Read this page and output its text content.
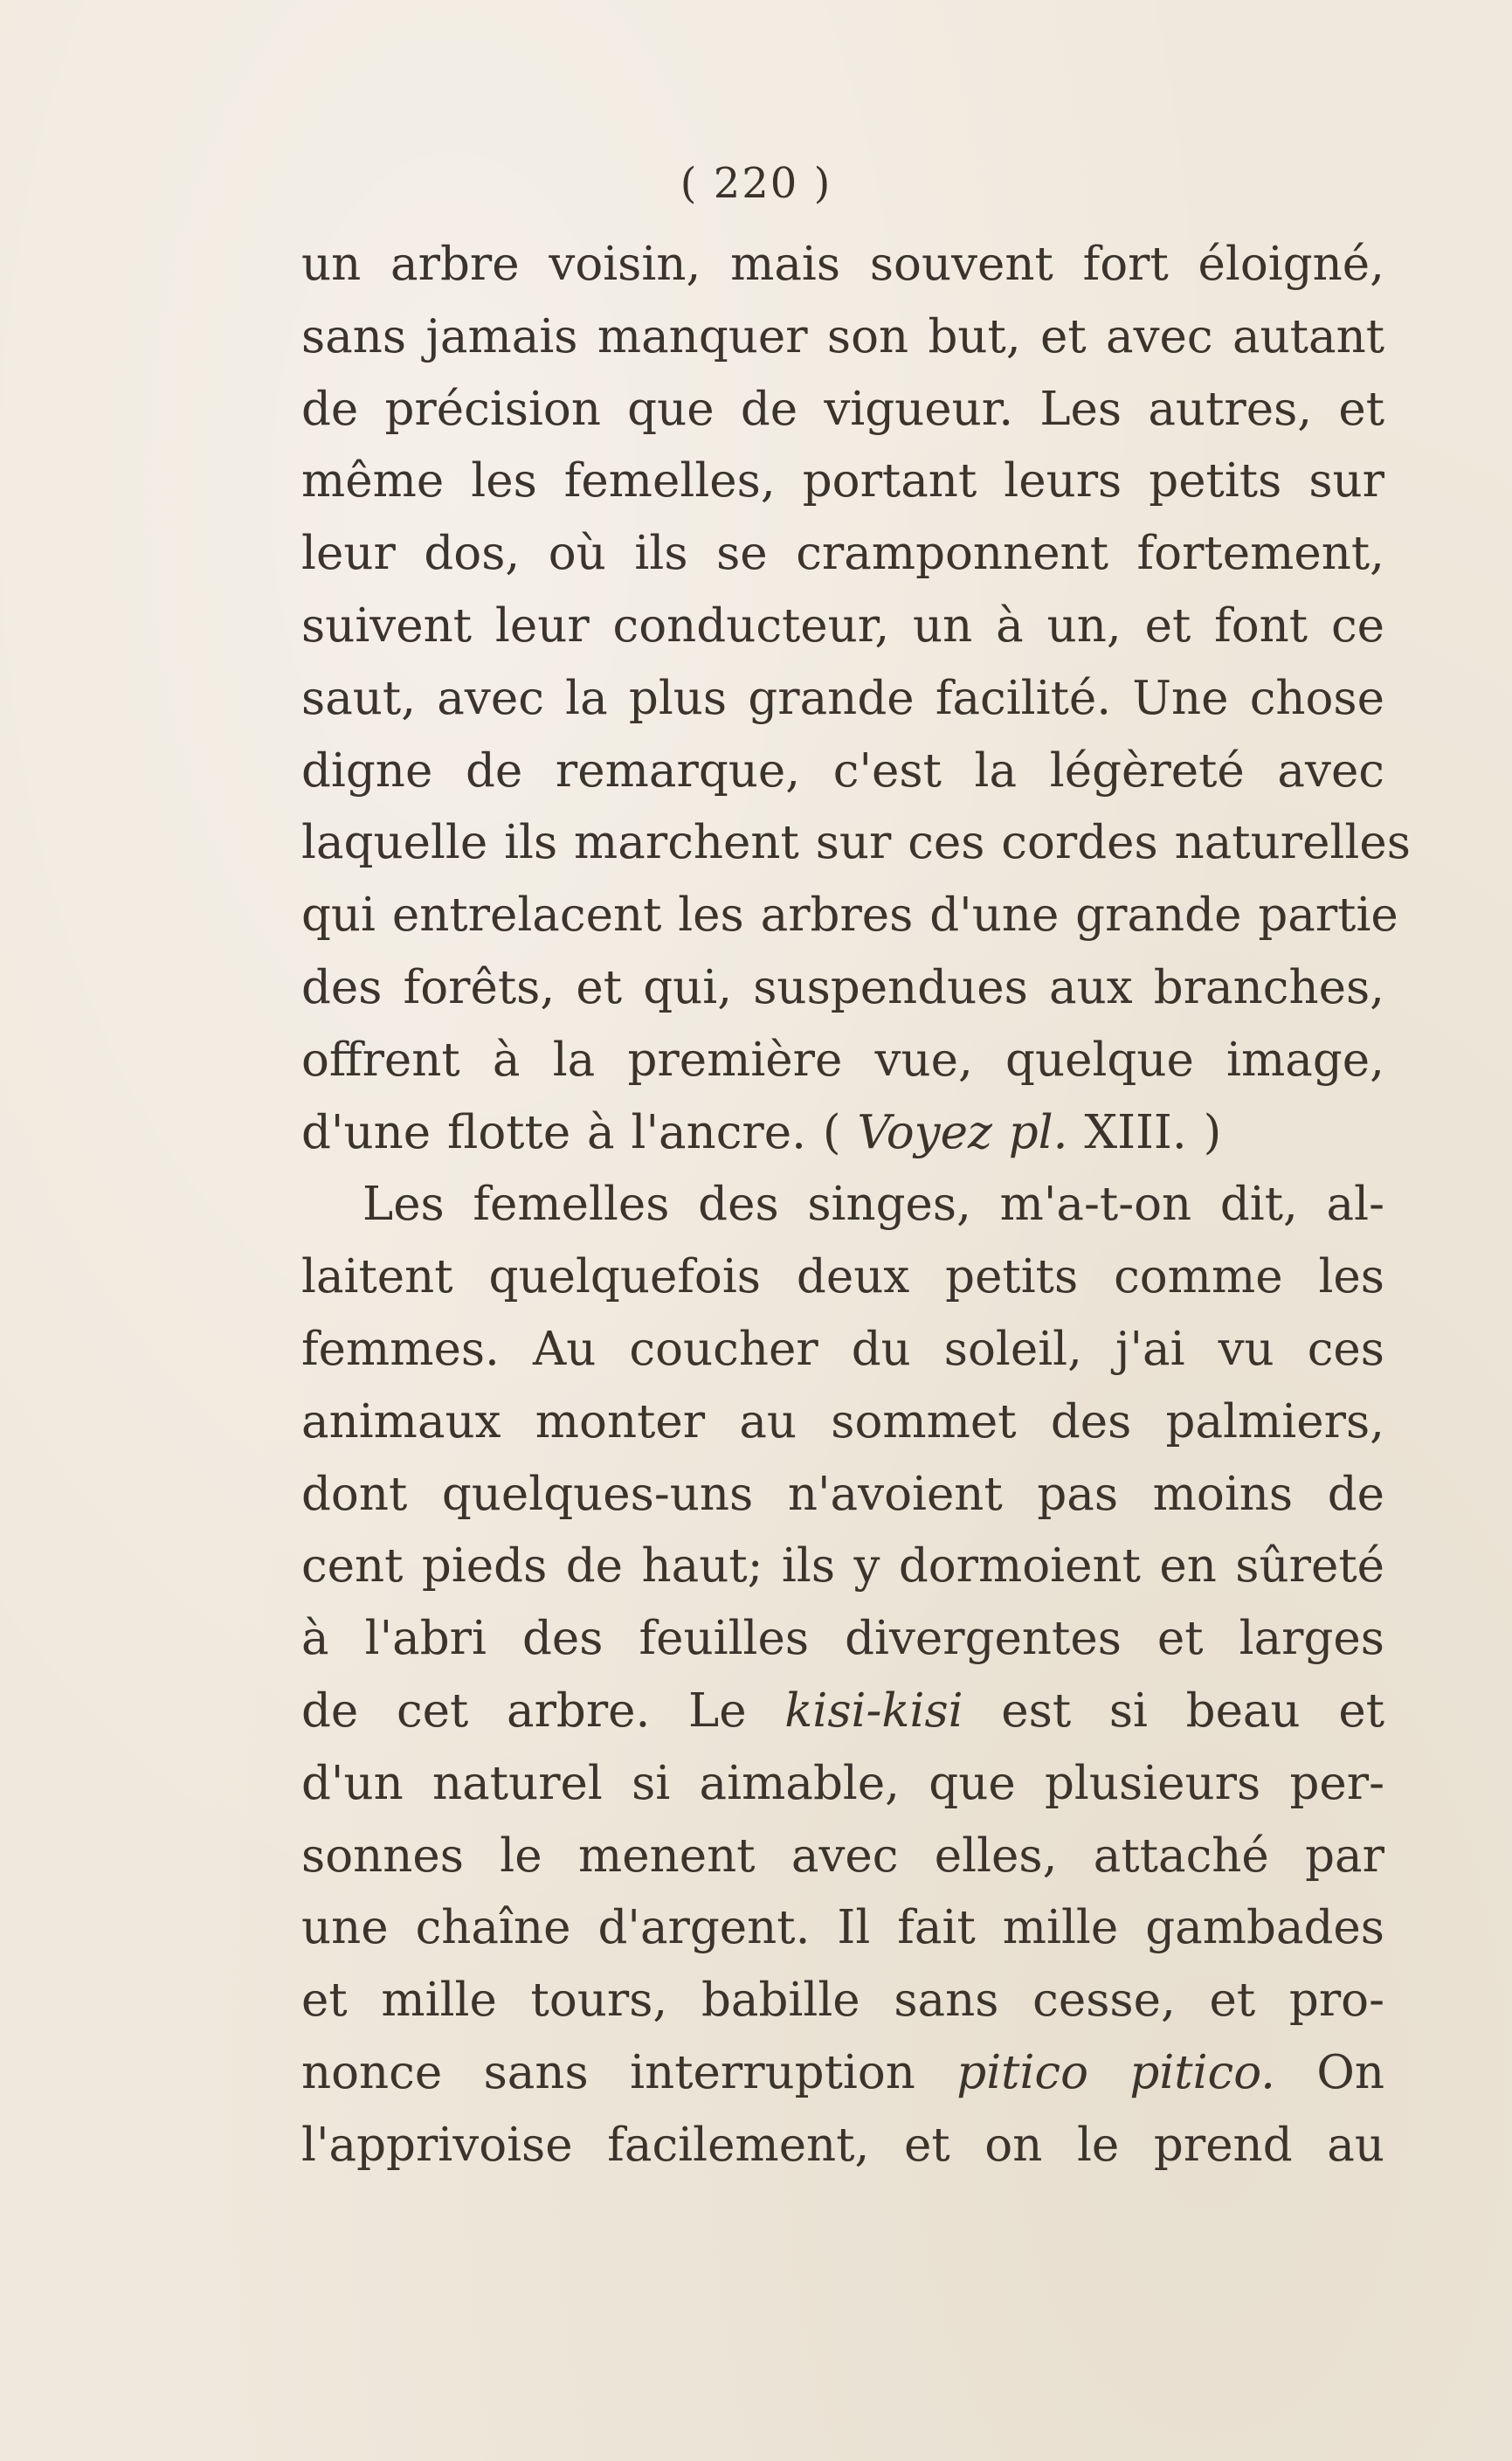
( 220 )
un arbre voisin, mais souvent fort éloigné,
sans jamais manquer son but, et avec autant
de précision que de vigueur. Les autres, et
même les femelles, portant leurs petits sur
leur dos, où ils se cramponnent fortement,
suivent leur conducteur, un à un, et font ce
saut, avec la plus grande facilité. Une chose
digne de remarque, c'est la légèreté avec
laquelle ils marchent sur ces cordes naturelles
qui entrelacent les arbres d'une grande partie
des forêts, et qui, suspendues aux branches,
offrent à la première vue, quelque image,
d'une flotte à l'ancre. ( Voyez pl. XIII. )
Les femelles des singes, m'a-t-on dit, al-
laitent quelquefois deux petits comme les
femmes. Au coucher du soleil, j'ai vu ces
animaux monter au sommet des palmiers,
dont quelques-uns n'avoient pas moins de
cent pieds de haut; ils y dormoient en sûreté
à l'abri des feuilles divergentes et larges
de cet arbre. Le kisi-kisi est si beau et
d'un naturel si aimable, que plusieurs per-
sonnes le menent avec elles, attaché par
une chaîne d'argent. Il fait mille gambades
et mille tours, babille sans cesse, et pro-
nonce sans interruption pitico pitico. On
l'apprivoise facilement, et on le prend au
